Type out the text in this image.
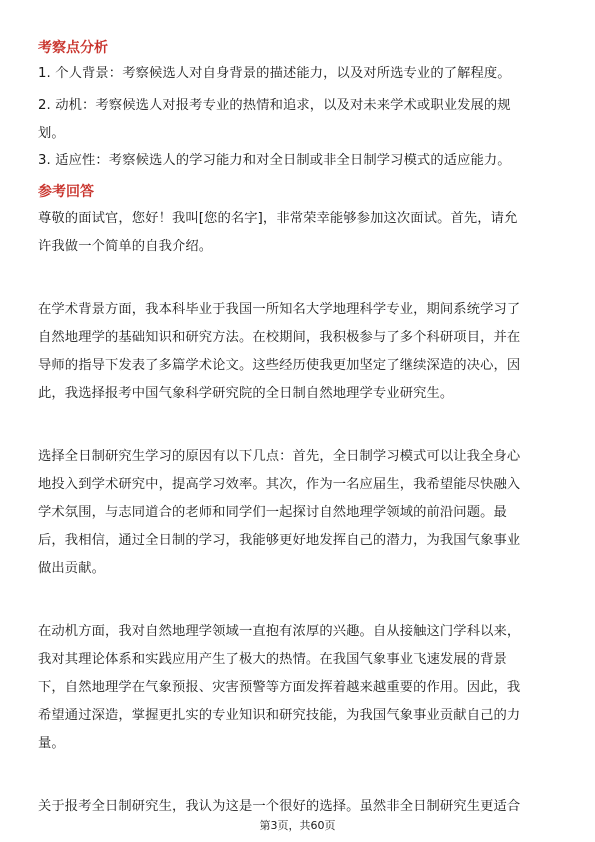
考察点分析
1. 个人背景：考察候选人对自身背景的描述能力，以及对所选专业的了解程度。
2. 动机：考察候选人对报考专业的热情和追求，以及对未来学术或职业发展的规
划。
3. 适应性：考察候选人的学习能力和对全日制或非全日制学习模式的适应能力。
参考回答
尊敬的面试官，您好！我叫[您的名字]，非常荣幸能够参加这次面试。首先，请允
许我做一个简单的自我介绍。
在学术背景方面，我本科毕业于我国一所知名大学地理科学专业，期间系统学习了
自然地理学的基础知识和研究方法。在校期间，我积极参与了多个科研项目，并在
导师的指导下发表了多篇学术论文。这些经历使我更加坚定了继续深造的决心，因
此，我选择报考中国气象科学研究院的全日制自然地理学专业研究生。
选择全日制研究生学习的原因有以下几点：首先，全日制学习模式可以让我全身心
地投入到学术研究中，提高学习效率。其次，作为一名应届生，我希望能尽快融入
学术氛围，与志同道合的老师和同学们一起探讨自然地理学领域的前沿问题。最
后，我相信，通过全日制的学习，我能够更好地发挥自己的潜力，为我国气象事业
做出贡献。
在动机方面，我对自然地理学领域一直抱有浓厚的兴趣。自从接触这门学科以来，
我对其理论体系和实践应用产生了极大的热情。在我国气象事业飞速发展的背景
下，自然地理学在气象预报、灾害预警等方面发挥着越来越重要的作用。因此，我
希望通过深造，掌握更扎实的专业知识和研究技能，为我国气象事业贡献自己的力
量。
关于报考全日制研究生，我认为这是一个很好的选择。虽然非全日制研究生更适合
第3页，共60页
